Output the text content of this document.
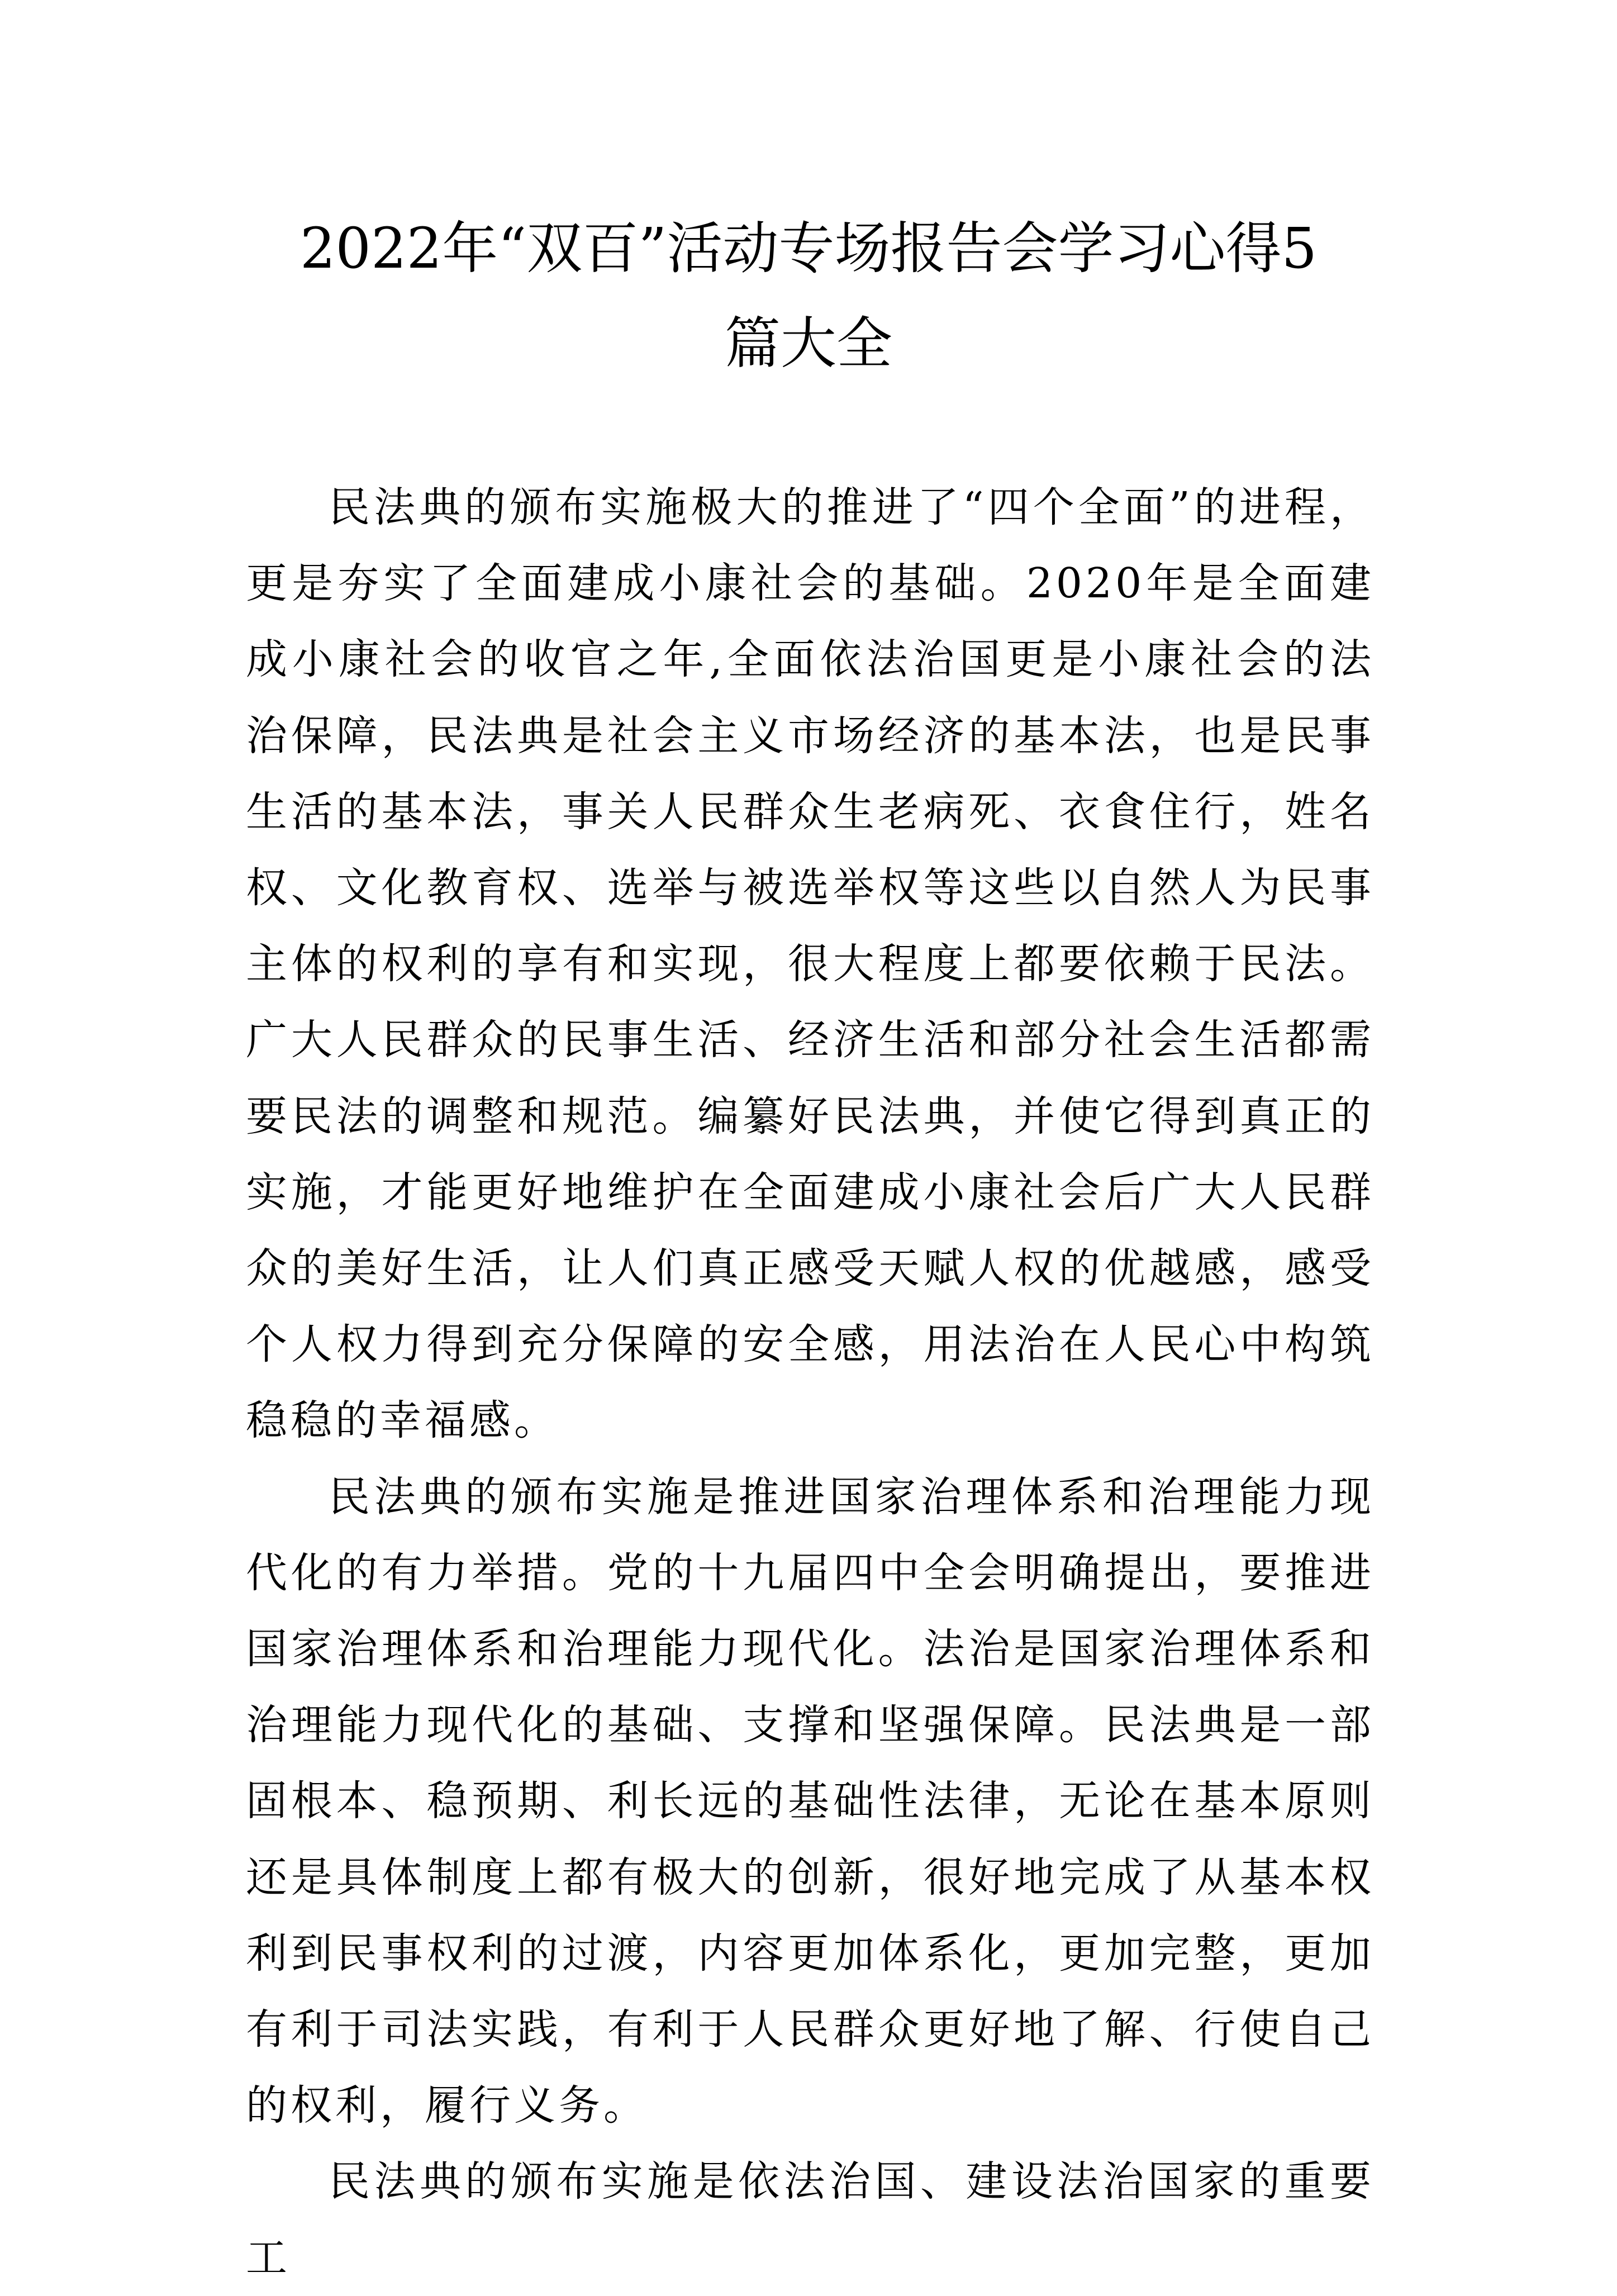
2022年“双百”活动专场报告会学习心得5
篇大全

民法典的颁布实施极大的推进了“四个全面”的进程，更是夯实了全面建成小康社会的基础。2020年是全面建成小康社会的收官之年,全面依法治国更是小康社会的法治保障，民法典是社会主义市场经济的基本法，也是民事生活的基本法，事关人民群众生老病死、衣食住行，姓名权、文化教育权、选举与被选举权等这些以自然人为民事主体的权利的享有和实现，很大程度上都要依赖于民法。广大人民群众的民事生活、经济生活和部分社会生活都需要民法的调整和规范。编纂好民法典，并使它得到真正的实施，才能更好地维护在全面建成小康社会后广大人民群众的美好生活，让人们真正感受天赋人权的优越感，感受个人权力得到充分保障的安全感，用法治在人民心中构筑稳稳的幸福感。

民法典的颁布实施是推进国家治理体系和治理能力现代化的有力举措。党的十九届四中全会明确提出，要推进国家治理体系和治理能力现代化。法治是国家治理体系和治理能力现代化的基础、支撑和坚强保障。民法典是一部固根本、稳预期、利长远的基础性法律，无论在基本原则还是具体制度上都有极大的创新，很好地完成了从基本权利到民事权利的过渡，内容更加体系化，更加完整，更加有利于司法实践，有利于人民群众更好地了解、行使自己的权利，履行义务。

民法典的颁布实施是依法治国、建设法治国家的重要工
